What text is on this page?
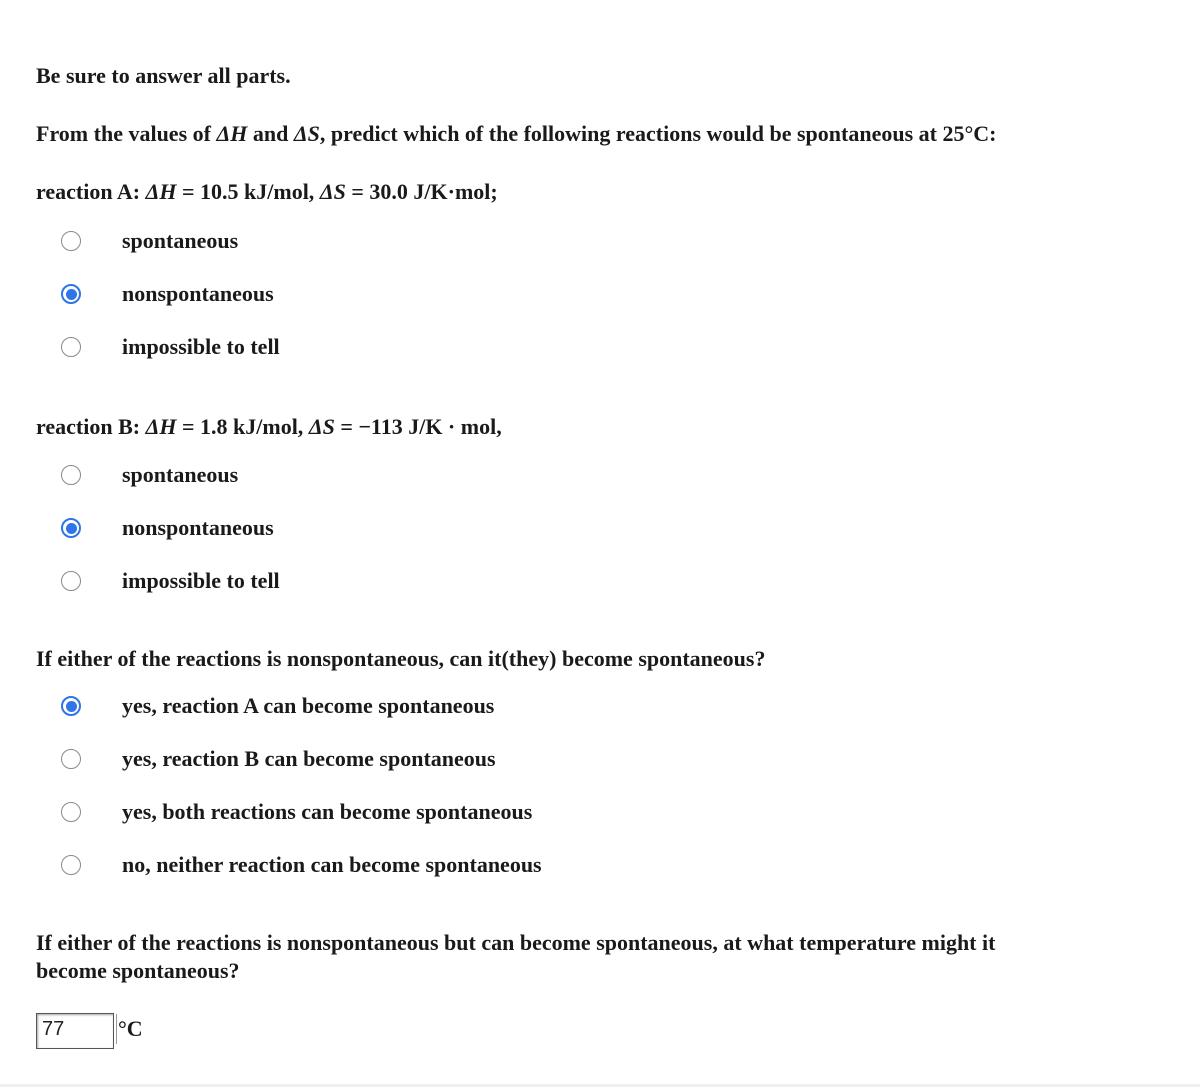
Be sure to answer all parts.
From the values of ΔH and ΔS, predict which of the following reactions would be spontaneous at 25°C:
reaction A: ΔH = 10.5 kJ/mol, ΔS = 30.0 J/K·mol;
spontaneous
nonspontaneous
impossible to tell
reaction B: ΔH = 1.8 kJ/mol, ΔS = −113 J/K · mol,
spontaneous
nonspontaneous
impossible to tell
If either of the reactions is nonspontaneous, can it(they) become spontaneous?
yes, reaction A can become spontaneous
yes, reaction B can become spontaneous
yes, both reactions can become spontaneous
no, neither reaction can become spontaneous
If either of the reactions is nonspontaneous but can become spontaneous, at what temperature might it
become spontaneous?
77	°C
